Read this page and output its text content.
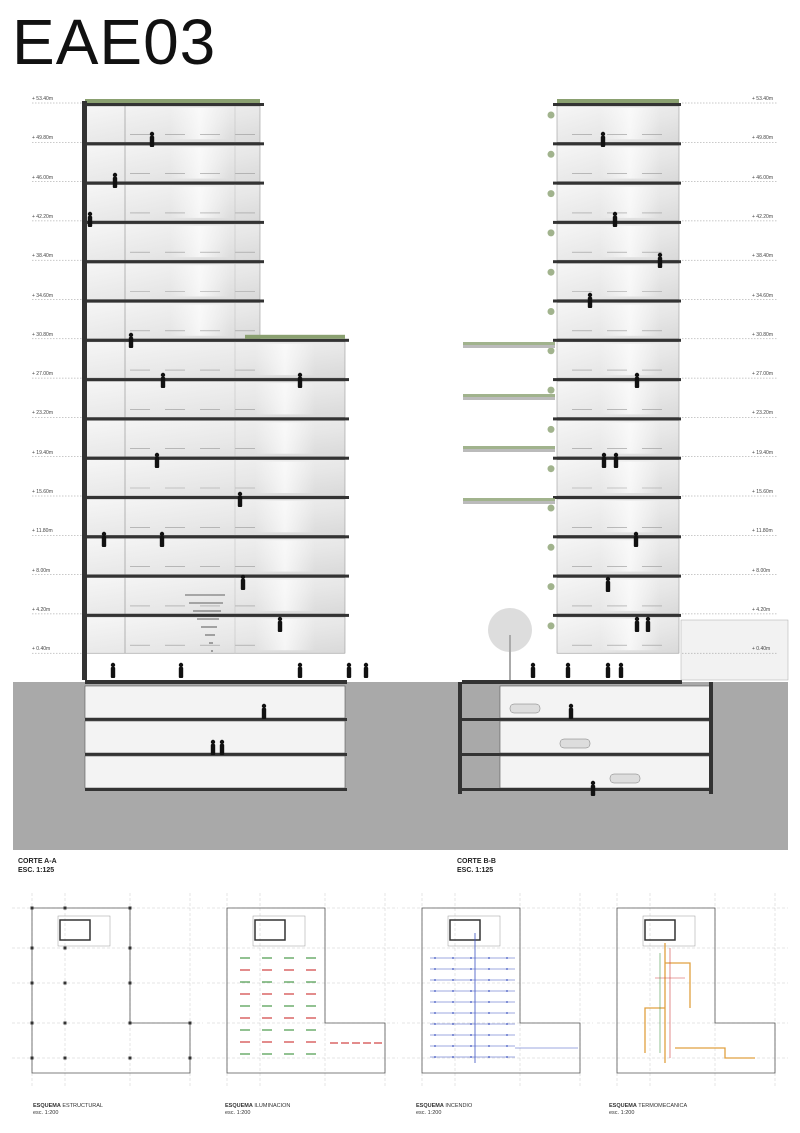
EAE03
+ 53.40m
+ 49.80m
+ 46.00m
+ 42.20m
+ 38.40m
+ 34.60m
+ 30.80m
+ 27.00m
+ 23.20m
+ 19.40m
+ 15.60m
+ 11.80m
+ 8.00m
+ 4.20m
+ 0.40m
+ 53.40m
+ 49.80m
+ 46.00m
+ 42.20m
+ 38.40m
+ 34.60m
+ 30.80m
+ 27.00m
+ 23.20m
+ 19.40m
+ 15.60m
+ 11.80m
+ 8.00m
+ 4.20m
+ 0.40m
CORTE A-A
ESC. 1:125
CORTE B-B
ESC. 1:125
ESQUEMA ESTRUCTURAL
esc. 1:200
ESQUEMA ILUMINACION
esc. 1:200
ESQUEMA INCENDIO
esc. 1:200
ESQUEMA TERMOMECANICA
esc. 1:200
